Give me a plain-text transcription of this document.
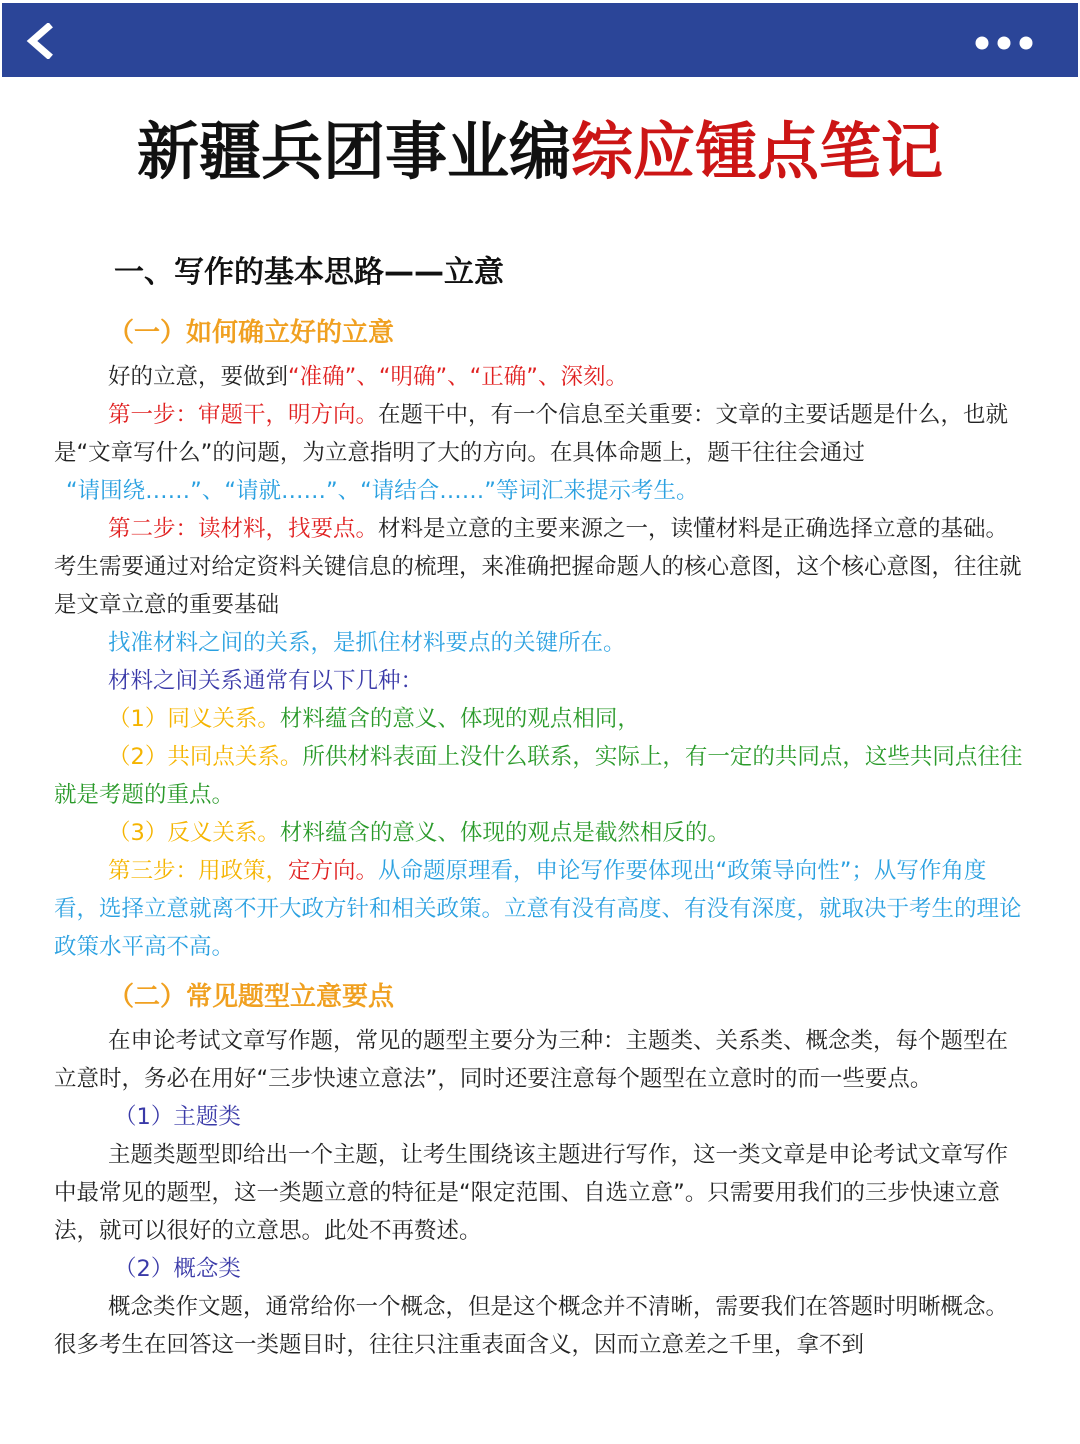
新疆兵团事业编综应锺点笔记

一、写作的基本思路——立意

（一）如何确立好的立意

好的立意，要做到“准确”、“明确”、“正确”、深刻。

第一步：审题干，明方向。在题干中，有一个信息至关重要：文章的主要话题是什么，也就是“文章写什么”的问题，为立意指明了大的方向。在具体命题上，题干往往会通过
“请围绕……”、“请就……”、“请结合……”等词汇来提示考生。

第二步：读材料，找要点。材料是立意的主要来源之一，读懂材料是正确选择立意的基础。考生需要通过对给定资料关键信息的梳理，来准确把握命题人的核心意图，这个核心意图，往往就是文章立意的重要基础

找准材料之间的关系，是抓住材料要点的关键所在。

材料之间关系通常有以下几种：

（1）同义关系。材料蕴含的意义、体现的观点相同，

（2）共同点关系。所供材料表面上没什么联系，实际上，有一定的共同点，这些共同点往往就是考题的重点。

（3）反义关系。材料蕴含的意义、体现的观点是截然相反的。

第三步：用政策，定方向。从命题原理看，申论写作要体现出“政策导向性”；从写作角度看，选择立意就离不开大政方针和相关政策。立意有没有高度、有没有深度，就取决于考生的理论政策水平高不高。

（二）常见题型立意要点

在申论考试文章写作题，常见的题型主要分为三种：主题类、关系类、概念类，每个题型在立意时，务必在用好“三步快速立意法”，同时还要注意每个题型在立意时的而一些要点。

（1）主题类

主题类题型即给出一个主题，让考生围绕该主题进行写作，这一类文章是申论考试文章写作中最常见的题型，这一类题立意的特征是“限定范围、自选立意”。只需要用我们的三步快速立意法，就可以很好的立意思。此处不再赘述。

（2）概念类

概念类作文题，通常给你一个概念，但是这个概念并不清晰，需要我们在答题时明晰概念。很多考生在回答这一类题目时，往往只注重表面含义，因而立意差之千里，拿不到
